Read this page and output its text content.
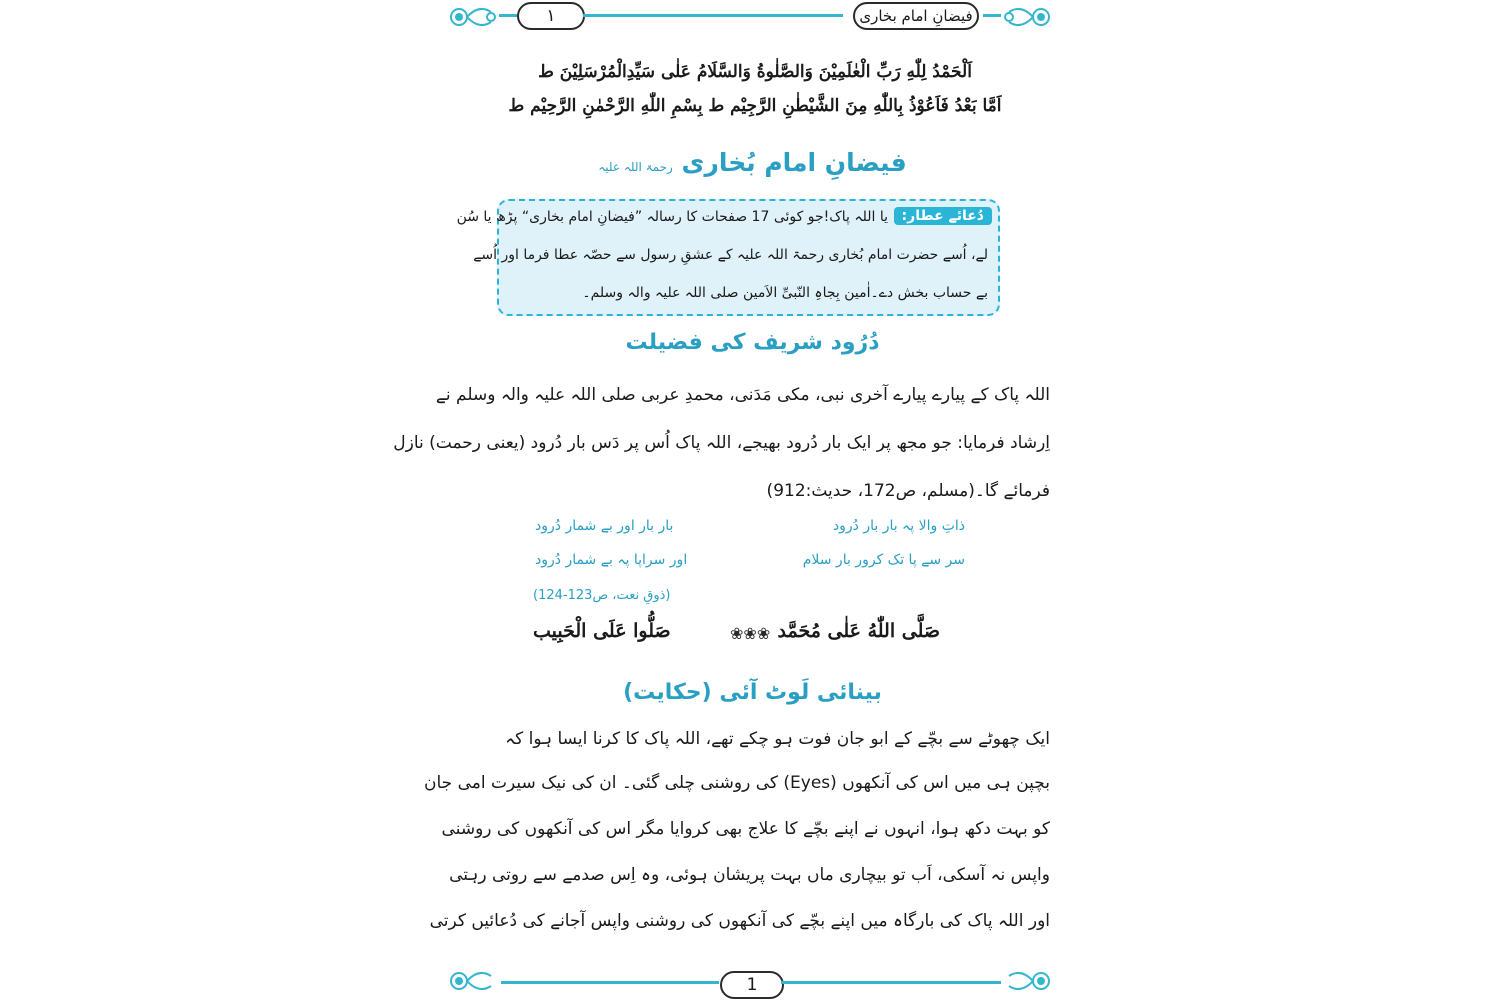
۱	فیضانِ امام بخاری
اَلْحَمْدُ لِلّٰهِ رَبِّ الْعٰلَمِیْنَ وَالصَّلٰوةُ وَالسَّلَامُ عَلٰی سَیِّدِالْمُرْسَلِیْنَ ط
اَمَّا بَعْدُ فَاَعُوْذُ بِاللّٰهِ مِنَ الشَّیْطٰنِ الرَّجِیْم ط بِسْمِ اللّٰهِ الرَّحْمٰنِ الرَّحِیْم ط
فیضانِ امام بُخاری رحمۃ اللہ علیہ
دُعائے عطار:
یا اللہ پاک!جو کوئی 17 صفحات کا رسالہ ”فیضانِ امام بخاری“ پڑھ یا سُن
لے، اُسے حضرت امام بُخاری رحمۃ اللہ علیہ کے عشقِ رسول سے حصّہ عطا فرما اور اُسے
بے حساب بخش دے۔اٰمین بِجاہِ النّبیِّ الاَمین صلی اللہ علیہ والہ وسلم۔
دُرُود شریف کی فضیلت
اللہ پاک کے پیارے پیارے آخری نبی، مکی مَدَنی، محمدِ عربی صلی اللہ علیہ والہ وسلم نے
اِرشاد فرمایا: جو مجھ پر ایک بار دُرود بھیجے، اللہ پاک اُس پر دَس بار دُرود (یعنی رحمت) نازل
فرمائے گا۔(مسلم، ص172، حدیث:912)
ذاتِ والا پہ بار بار دُرود
بار بار اور بے شمار دُرود
سر سے پا تک کرور بار سلام
اور سراپا پہ بے شمار دُرود
(ذوقِ نعت، ص123-124)
صَلَّی اللّٰهُ عَلٰی مُحَمَّد
❀❀❀
صَلُّوا عَلَی الْحَبِیب
بینائی لَوٹ آئی (حکایت)
ایک چھوٹے سے بچّے کے ابو جان فوت ہو چکے تھے، اللہ پاک کا کرنا ایسا ہوا کہ
بچپن ہی میں اس کی آنکھوں (Eyes) کی روشنی چلی گئی۔ ان کی نیک سیرت امی جان
کو بہت دکھ ہوا، انہوں نے اپنے بچّے کا علاج بھی کروایا مگر اس کی آنکھوں کی روشنی
واپس نہ آسکی، اَب تو بیچاری ماں بہت پریشان ہوئی، وہ اِس صدمے سے روتی رہتی
اور اللہ پاک کی بارگاہ میں اپنے بچّے کی آنکھوں کی روشنی واپس آجانے کی دُعائیں کرتی
1
